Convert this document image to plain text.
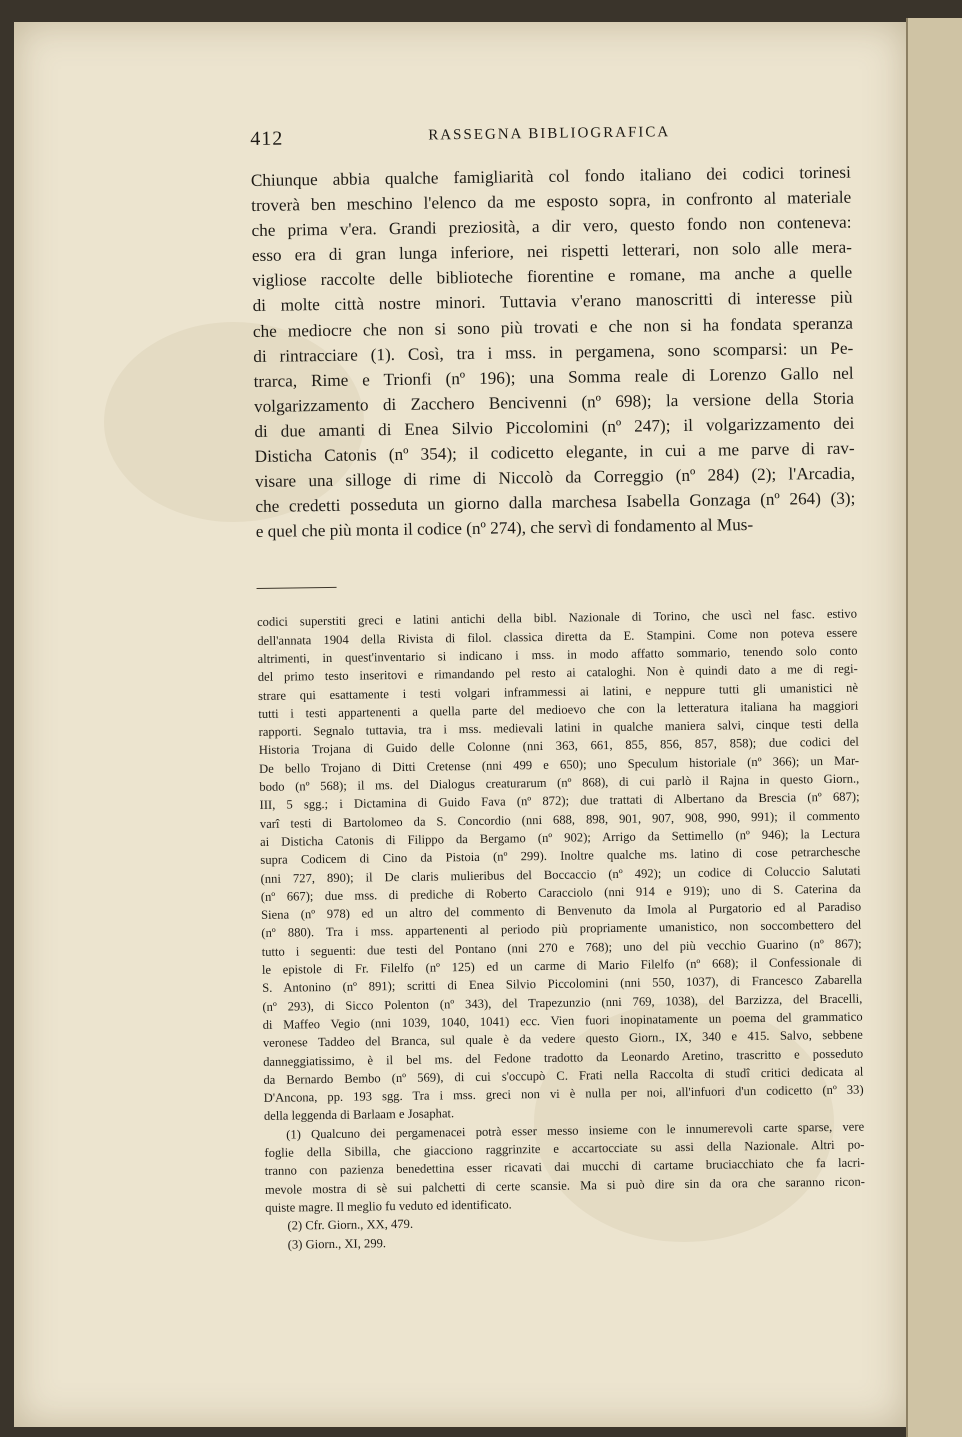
412	RASSEGNA BIBLIOGRAFICA
Chiunque abbia qualche famigliarità col fondo italiano dei codici torinesi
troverà ben meschino l'elenco da me esposto sopra, in confronto al materiale
che prima v'era. Grandi preziosità, a dir vero, questo fondo non conteneva:
esso era di gran lunga inferiore, nei rispetti letterari, non solo alle mera-
vigliose raccolte delle biblioteche fiorentine e romane, ma anche a quelle
di molte città nostre minori. Tuttavia v'erano manoscritti di interesse più
che mediocre che non si sono più trovati e che non si ha fondata speranza
di rintracciare (1). Così, tra i mss. in pergamena, sono scomparsi: un Pe-
trarca, Rime e Trionfi (nº 196); una Somma reale di Lorenzo Gallo nel
volgarizzamento di Zacchero Bencivenni (nº 698); la versione della Storia
di due amanti di Enea Silvio Piccolomini (nº 247); il volgarizzamento dei
Disticha Catonis (nº 354); il codicetto elegante, in cui a me parve di rav-
visare una silloge di rime di Niccolò da Correggio (nº 284) (2); l'Arcadia,
che credetti posseduta un giorno dalla marchesa Isabella Gonzaga (nº 264) (3);
e quel che più monta il codice (nº 274), che servì di fondamento al Mus-
codici superstiti greci e latini antichi della bibl. Nazionale di Torino, che uscì nel fasc. estivo
dell'annata 1904 della Rivista di filol. classica diretta da E. Stampini. Come non poteva essere
altrimenti, in quest'inventario si indicano i mss. in modo affatto sommario, tenendo solo conto
del primo testo inseritovi e rimandando pel resto ai cataloghi. Non è quindi dato a me di regi-
strare qui esattamente i testi volgari inframmessi ai latini, e neppure tutti gli umanistici nè
tutti i testi appartenenti a quella parte del medioevo che con la letteratura italiana ha maggiori
rapporti. Segnalo tuttavia, tra i mss. medievali latini in qualche maniera salvi, cinque testi della
Historia Trojana di Guido delle Colonne (nni 363, 661, 855, 856, 857, 858); due codici del
De bello Trojano di Ditti Cretense (nni 499 e 650); uno Speculum historiale (nº 366); un Mar-
bodo (nº 568); il ms. del Dialogus creaturarum (nº 868), di cui parlò il Rajna in questo Giorn.,
III, 5 sgg.; i Dictamina di Guido Fava (nº 872); due trattati di Albertano da Brescia (nº 687);
varî testi di Bartolomeo da S. Concordio (nni 688, 898, 901, 907, 908, 990, 991); il commento
ai Disticha Catonis di Filippo da Bergamo (nº 902); Arrigo da Settimello (nº 946); la Lectura
supra Codicem di Cino da Pistoia (nº 299). Inoltre qualche ms. latino di cose petrarchesche
(nni 727, 890); il De claris mulieribus del Boccaccio (nº 492); un codice di Coluccio Salutati
(nº 667); due mss. di prediche di Roberto Caracciolo (nni 914 e 919); uno di S. Caterina da
Siena (nº 978) ed un altro del commento di Benvenuto da Imola al Purgatorio ed al Paradiso
(nº 880). Tra i mss. appartenenti al periodo più propriamente umanistico, non soccombettero del
tutto i seguenti: due testi del Pontano (nni 270 e 768); uno del più vecchio Guarino (nº 867);
le epistole di Fr. Filelfo (nº 125) ed un carme di Mario Filelfo (nº 668); il Confessionale di
S. Antonino (nº 891); scritti di Enea Silvio Piccolomini (nni 550, 1037), di Francesco Zabarella
(nº 293), di Sicco Polenton (nº 343), del Trapezunzio (nni 769, 1038), del Barzizza, del Bracelli,
di Maffeo Vegio (nni 1039, 1040, 1041) ecc. Vien fuori inopinatamente un poema del grammatico
veronese Taddeo del Branca, sul quale è da vedere questo Giorn., IX, 340 e 415. Salvo, sebbene
danneggiatissimo, è il bel ms. del Fedone tradotto da Leonardo Aretino, trascritto e posseduto
da Bernardo Bembo (nº 569), di cui s'occupò C. Frati nella Raccolta di studî critici dedicata al
D'Ancona, pp. 193 sgg. Tra i mss. greci non vi è nulla per noi, all'infuori d'un codicetto (nº 33)
della leggenda di Barlaam e Josaphat.
(1) Qualcuno dei pergamenacei potrà esser messo insieme con le innumerevoli carte sparse, vere
foglie della Sibilla, che giacciono raggrinzite e accartocciate su assi della Nazionale. Altri po-
tranno con pazienza benedettina esser ricavati dai mucchi di cartame bruciacchiato che fa lacri-
mevole mostra di sè sui palchetti di certe scansie. Ma si può dire sin da ora che saranno ricon-
quiste magre. Il meglio fu veduto ed identificato.
(2) Cfr. Giorn., XX, 479.
(3) Giorn., XI, 299.
